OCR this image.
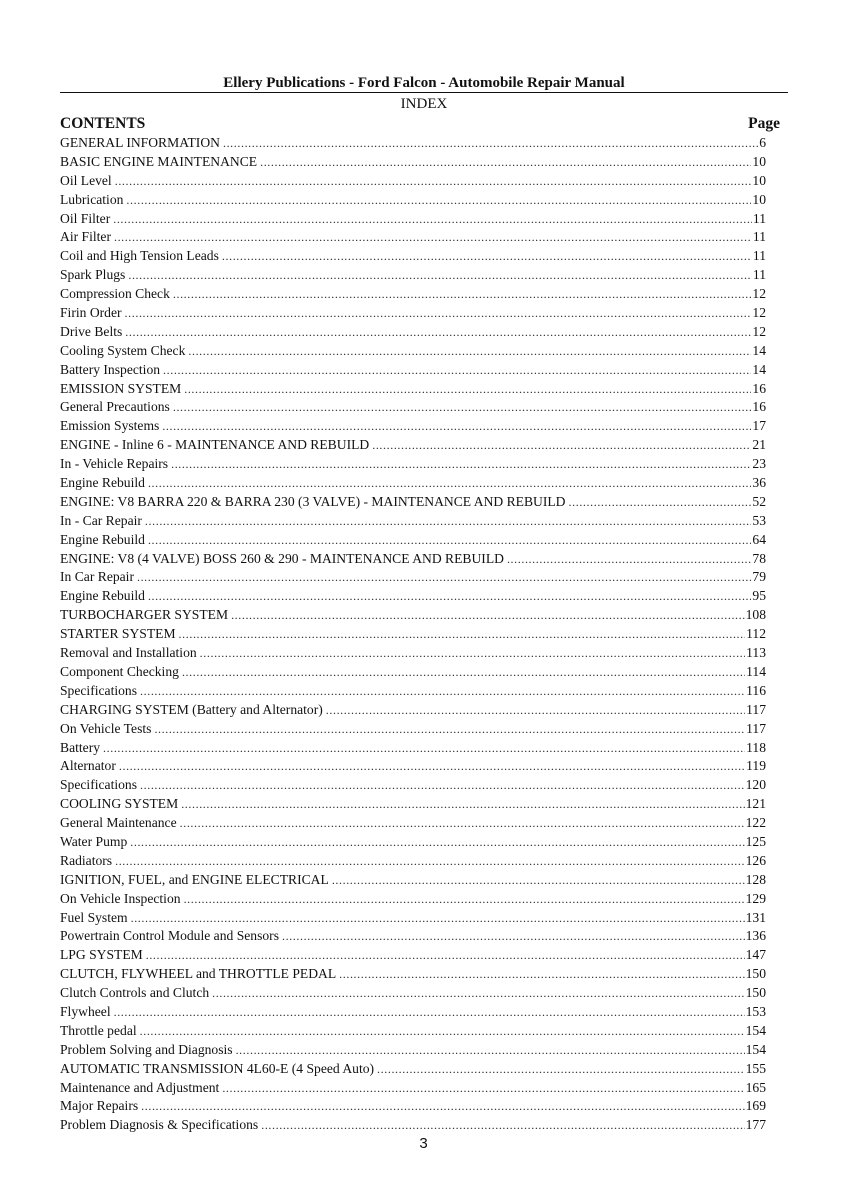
Ellery Publications - Ford Falcon - Automobile Repair Manual
INDEX
CONTENTS	Page
GENERAL INFORMATION .....	6
BASIC ENGINE MAINTENANCE .....	10
Oil Level .....	10
Lubrication .....	10
Oil Filter .....	11
Air Filter .....	11
Coil and High Tension Leads .....	11
Spark Plugs .....	11
Compression Check .....	12
Firin Order .....	12
Drive Belts .....	12
Cooling System Check .....	14
Battery Inspection .....	14
EMISSION SYSTEM .....	16
General Precautions .....	16
Emission Systems .....	17
ENGINE - Inline 6 - MAINTENANCE AND REBUILD .....	21
In - Vehicle Repairs .....	23
Engine Rebuild .....	36
ENGINE: V8 BARRA 220 & BARRA 230 (3 VALVE) - MAINTENANCE AND REBUILD .....	52
In - Car Repair .....	53
Engine Rebuild .....	64
ENGINE: V8 (4 VALVE) BOSS 260 & 290 - MAINTENANCE AND REBUILD .....	78
In Car Repair .....	79
Engine Rebuild .....	95
TURBOCHARGER SYSTEM .....	108
STARTER SYSTEM .....	112
Removal and Installation .....	113
Component Checking .....	114
Specifications .....	116
CHARGING SYSTEM (Battery and Alternator) .....	117
On Vehicle Tests .....	117
Battery .....	118
Alternator .....	119
Specifications .....	120
COOLING SYSTEM .....	121
General Maintenance .....	122
Water Pump .....	125
Radiators .....	126
IGNITION, FUEL, and ENGINE ELECTRICAL .....	128
On Vehicle Inspection .....	129
Fuel System .....	131
Powertrain Control Module and Sensors .....	136
LPG SYSTEM .....	147
CLUTCH, FLYWHEEL and THROTTLE PEDAL .....	150
Clutch Controls and Clutch .....	150
Flywheel .....	153
Throttle pedal .....	154
Problem Solving and Diagnosis .....	154
AUTOMATIC TRANSMISSION 4L60-E (4 Speed Auto) .....	155
Maintenance and Adjustment .....	165
Major Repairs .....	169
Problem Diagnosis & Specifications .....	177
3
